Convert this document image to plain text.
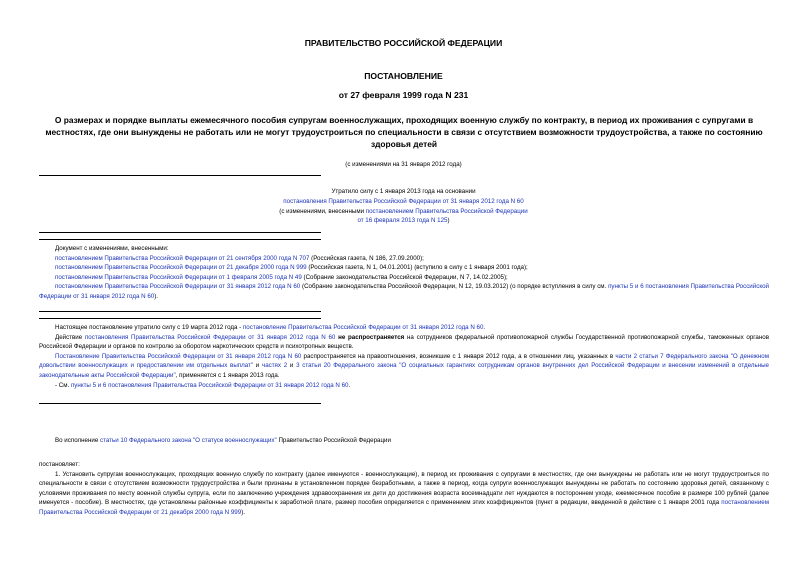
ПРАВИТЕЛЬСТВО РОССИЙСКОЙ ФЕДЕРАЦИИ
ПОСТАНОВЛЕНИЕ
от 27 февраля 1999 года N 231
О размерах и порядке выплаты ежемесячного пособия супругам военнослужащих, проходящих военную службу по контракту, в период их проживания с супругами в местностях, где они вынуждены не работать или не могут трудоустроиться по специальности в связи с отсутствием возможности трудоустройства, а также по состоянию здоровья детей
(с изменениями на 31 января 2012 года)
Утратило силу с 1 января 2013 года на основании
постановления Правительства Российской Федерации от 31 января 2012 года N 60
(с изменениями, внесенными постановлением Правительства Российской Федерации
от 16 февраля 2013 года N 125)
Документ с изменениями, внесенными:
постановлением Правительства Российской Федерации от 21 сентября 2000 года N 707 (Российская газета, N 186, 27.09.2000);
постановлением Правительства Российской Федерации от 21 декабря 2000 года N 999 (Российская газета, N 1, 04.01.2001) (вступило в силу с 1 января 2001 года);
постановлением Правительства Российской Федерации от 1 февраля 2005 года N 49 (Собрание законодательства Российской Федерации, N 7, 14.02.2005);
постановлением Правительства Российской Федерации от 31 января 2012 года N 60 (Собрание законодательства Российской Федерации, N 12, 19.03.2012) (о порядке вступления в силу см. пункты 5 и 6 постановления Правительства Российской Федерации от 31 января 2012 года N 60).
Настоящее постановление утратило силу с 19 марта 2012 года - постановление Правительства Российской Федерации от 31 января 2012 года N 60.
Действие постановления Правительства Российской Федерации от 31 января 2012 года N 60 не распространяется на сотрудников федеральной противопожарной службы Государственной противопожарной службы, таможенных органов Российской Федерации и органов по контролю за оборотом наркотических средств и психотропных веществ.
Постановление Правительства Российской Федерации от 31 января 2012 года N 60 распространяется на правоотношения, возникшие с 1 января 2012 года, а в отношении лиц, указанных в части 2 статьи 7 Федерального закона "О денежном довольствии военнослужащих и предоставлении им отдельных выплат" и частях 2 и 3 статьи 20 Федерального закона "О социальных гарантиях сотрудникам органов внутренних дел Российской Федерации и внесении изменений в отдельные законодательные акты Российской Федерации", применяется с 1 января 2013 года.
- См. пункты 5 и 6 постановления Правительства Российской Федерации от 31 января 2012 года N 60.
Во исполнение статьи 10 Федерального закона "О статусе военнослужащих" Правительство Российской Федерации
постановляет:
1. Установить супругам военнослужащих, проходящих военную службу по контракту (далее именуются - военнослужащие), в период их проживания с супругами в местностях, где они вынуждены не работать или не могут трудоустроиться по специальности в связи с отсутствием возможности трудоустройства и были признаны в установленном порядке безработными, а также в период, когда супруги военнослужащих вынуждены не работать по состоянию здоровья детей, связанному с условиями проживания по месту военной службы супруга, если по заключению учреждения здравоохранения их дети до достижения возраста восемнадцати лет нуждаются в постороннем уходе, ежемесячное пособие в размере 100 рублей (далее именуется - пособие). В местностях, где установлены районные коэффициенты к заработной плате, размер пособия определяется с применением этих коэффициентов (пункт в редакции, введенной в действие с 1 января 2001 года постановлением Правительства Российской Федерации от 21 декабря 2000 года N 999).
